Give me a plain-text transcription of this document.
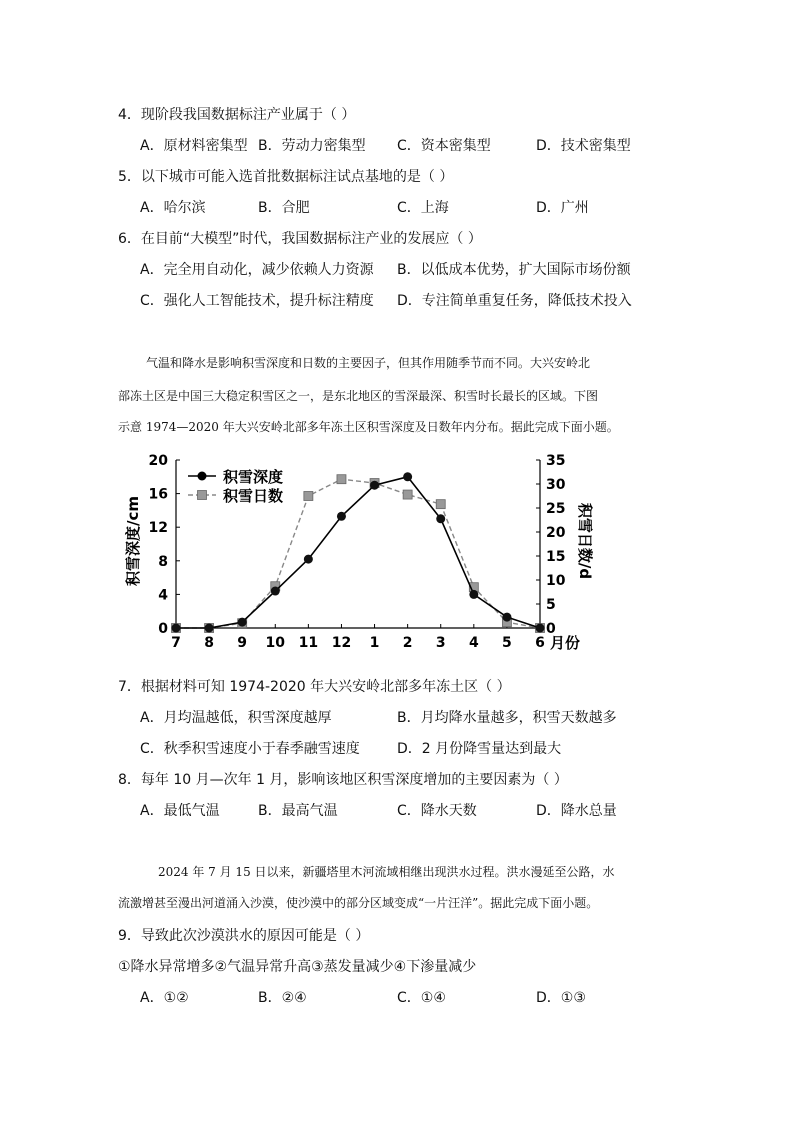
4．现阶段我国数据标注产业属于（ ）
A．原材料密集型 B．劳动力密集型 C．资本密集型	D．技术密集型
5．以下城市可能入选首批数据标注试点基地的是（ ）
A．哈尔滨	B．合肥	C．上海	D．广州
6．在目前“大模型”时代，我国数据标注产业的发展应（ ）
A．完全用自动化，减少依赖人力资源 B．以低成本优势，扩大国际市场份额
C．强化人工智能技术，提升标注精度 D．专注简单重复任务，降低技术投入
气温和降水是影响积雪深度和日数的主要因子，但其作用随季节而不同。大兴安岭北
部冻土区是中国三大稳定积雪区之一，是东北地区的雪深最深、积雪时长最长的区域。下图
示意 1974—2020 年大兴安岭北部多年冻土区积雪深度及日数年内分布。据此完成下面小题。
0
4
8
12
16
20
0
5
10
15
20
25
30
35
7 8 9 10 11 12 1 2 3 4 5 6
积雪深度/cm	积雪日数/d
月份
积雪深度
积雪日数
7．根据材料可知 1974-2020 年大兴安岭北部多年冻土区（ ）
A．月均温越低，积雪深度越厚	B．月均降水量越多，积雪天数越多
C．秋季积雪速度小于春季融雪速度	D．2 月份降雪量达到最大
8．每年 10 月—次年 1 月，影响该地区积雪深度增加的主要因素为（ ）
A．最低气温	B．最高气温	C．降水天数	D．降水总量
2024 年 7 月 15 日以来，新疆塔里木河流域相继出现洪水过程。洪水漫延至公路，水
流激增甚至漫出河道涌入沙漠，使沙漠中的部分区域变成“一片汪洋”。据此完成下面小题。
9．导致此次沙漠洪水的原因可能是（ ）
①降水异常增多②气温异常升高③蒸发量减少④下渗量减少
A．①②	B．②④	C．①④	D．①③
